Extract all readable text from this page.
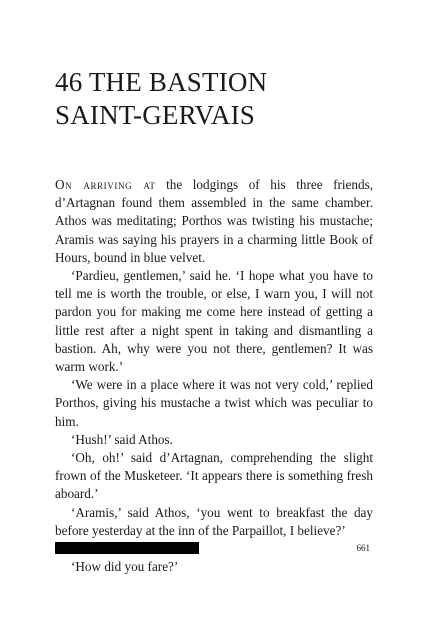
46 THE BASTION
SAINT-GERVAIS

On arriving at the lodgings of his three friends, d’Artagnan found them assembled in the same chamber. Athos was meditating; Porthos was twisting his mustache; Aramis was saying his prayers in a charming little Book of Hours, bound in blue velvet.

‘Pardieu, gentlemen,’ said he. ‘I hope what you have to tell me is worth the trouble, or else, I warn you, I will not pardon you for making me come here instead of getting a little rest after a night spent in taking and dismantling a bastion. Ah, why were you not there, gentlemen? It was warm work.’

‘We were in a place where it was not very cold,’ replied Porthos, giving his mustache a twist which was peculiar to him.

‘Hush!’ said Athos.

‘Oh, oh!’ said d’Artagnan, comprehending the slight frown of the Musketeer. ‘It appears there is something fresh aboard.’

‘Aramis,’ said Athos, ‘you went to breakfast the day before yesterday at the inn of the Parpaillot, I believe?’

‘How did you fare?’

661
